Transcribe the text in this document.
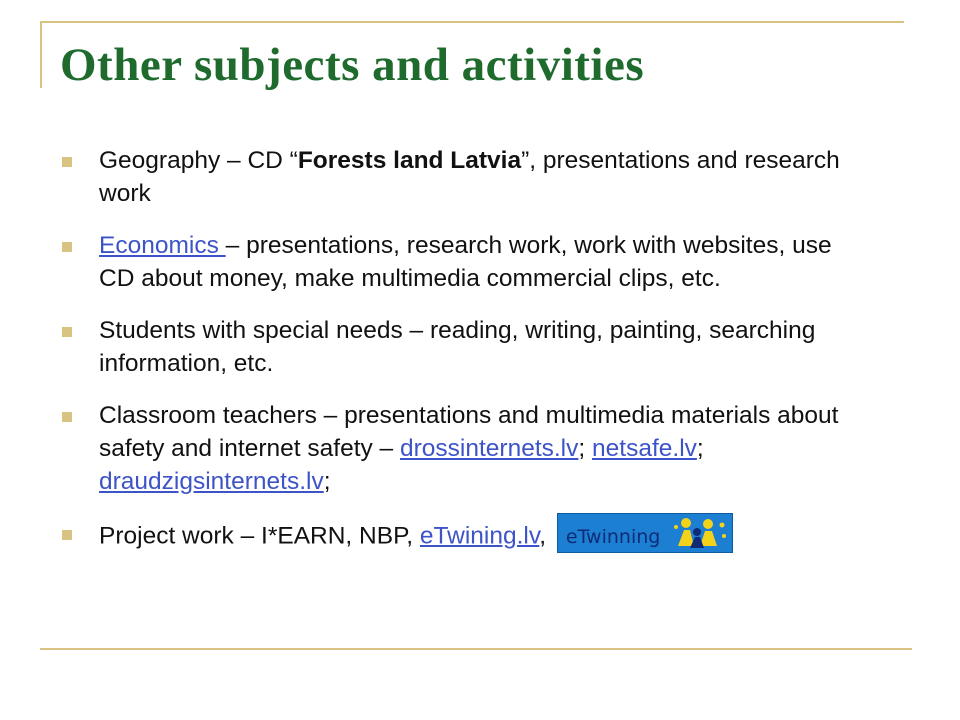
Other subjects and activities
Geography – CD “Forests land Latvia”, presentations and research work
Economics – presentations, research work, work with websites, use CD about money, make multimedia commercial clips, etc.
Students with special needs – reading, writing, painting, searching information, etc.
Classroom teachers – presentations and multimedia materials about safety and internet safety – drossinternets.lv; netsafe.lv; draudzigsinternets.lv;
Project work – I*EARN, NBP, eTwining.lv, eTwinning
